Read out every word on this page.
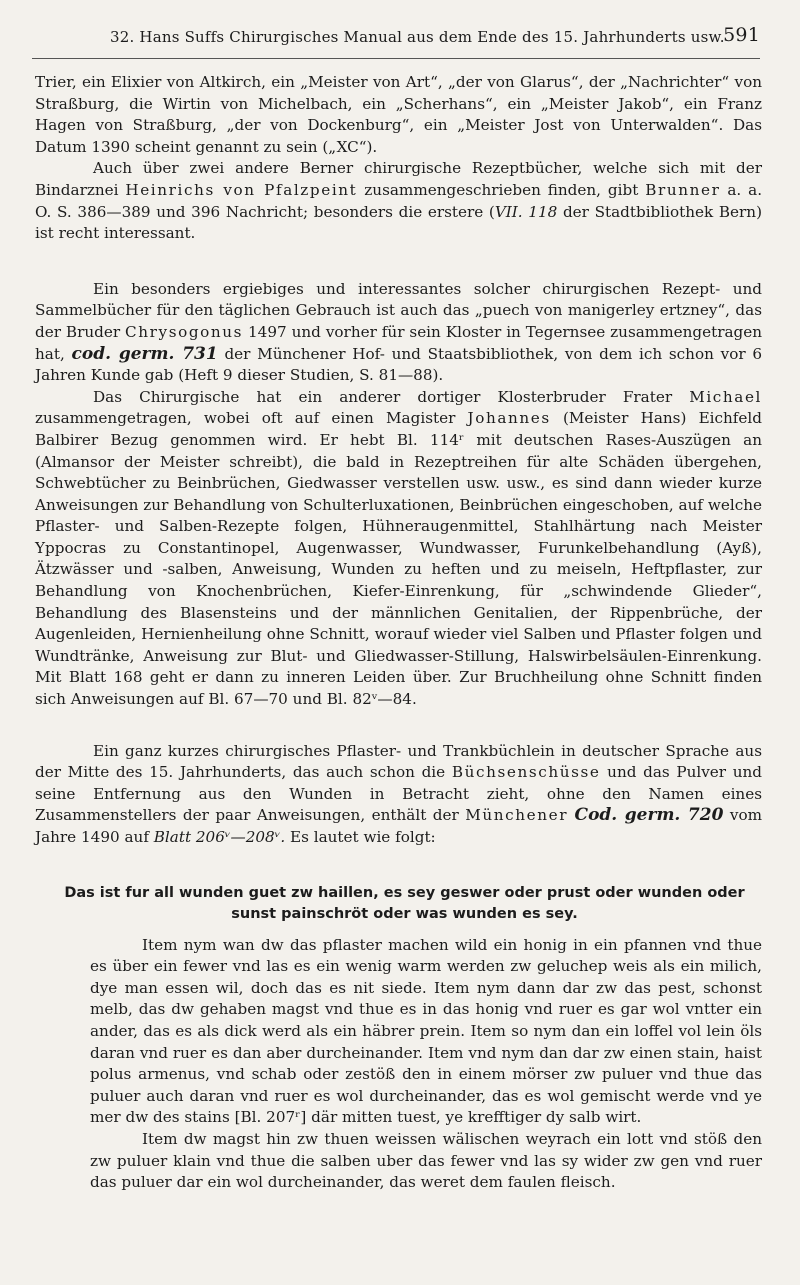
32. Hans Suffs Chirurgisches Manual aus dem Ende des 15. Jahrhunderts usw.
591

Trier, ein Elixier von Altkirch, ein „Meister von Art“, „der von Glarus“, der „Nachrichter“ von Straßburg, die Wirtin von Michelbach, ein „Scherhans“, ein „Meister Jakob“, ein Franz Hagen von Straßburg, „der von Dockenburg“, ein „Meister Jost von Unterwalden“. Das Datum 1390 scheint genannt zu sein („XC“).

Auch über zwei andere Berner chirurgische Rezeptbücher, welche sich mit der Bindarznei Heinrichs von Pfalzpeint zusammengeschrieben finden, gibt Brunner a. a. O. S. 386—389 und 396 Nachricht; besonders die erstere (VII. 118 der Stadtbibliothek Bern) ist recht interessant.

Ein besonders ergiebiges und interessantes solcher chirurgischen Rezept- und Sammelbücher für den täglichen Gebrauch ist auch das „puech von manigerley ertzney“, das der Bruder Chrysogonus 1497 und vorher für sein Kloster in Tegernsee zusammengetragen hat, cod. germ. 731 der Münchener Hof- und Staatsbibliothek, von dem ich schon vor 6 Jahren Kunde gab (Heft 9 dieser Studien, S. 81—88).

Das Chirurgische hat ein anderer dortiger Klosterbruder Frater Michael zusammengetragen, wobei oft auf einen Magister Johannes (Meister Hans) Eichfeld Balbirer Bezug genommen wird. Er hebt Bl. 114ʳ mit deutschen Rases-Auszügen an (Almansor der Meister schreibt), die bald in Rezeptreihen für alte Schäden übergehen, Schwebtücher zu Beinbrüchen, Giedwasser verstellen usw. usw., es sind dann wieder kurze Anweisungen zur Behandlung von Schulterluxationen, Beinbrüchen eingeschoben, auf welche Pflaster- und Salben-Rezepte folgen, Hühneraugenmittel, Stahlhärtung nach Meister Yppocras zu Constantinopel, Augenwasser, Wundwasser, Furunkelbehandlung (Ayß), Ätzwässer und -salben, Anweisung, Wunden zu heften und zu meiseln, Heftpflaster, zur Behandlung von Knochenbrüchen, Kiefer-Einrenkung, für „schwindende Glieder“, Behandlung des Blasensteins und der männlichen Genitalien, der Rippenbrüche, der Augenleiden, Hernienheilung ohne Schnitt, worauf wieder viel Salben und Pflaster folgen und Wundtränke, Anweisung zur Blut- und Gliedwasser-Stillung, Halswirbelsäulen-Einrenkung. Mit Blatt 168 geht er dann zu inneren Leiden über. Zur Bruchheilung ohne Schnitt finden sich Anweisungen auf Bl. 67—70 und Bl. 82ᵛ—84.

Ein ganz kurzes chirurgisches Pflaster- und Trankbüchlein in deutscher Sprache aus der Mitte des 15. Jahrhunderts, das auch schon die Büchsenschüsse und das Pulver und seine Entfernung aus den Wunden in Betracht zieht, ohne den Namen eines Zusammenstellers der paar Anweisungen, enthält der Münchener Cod. germ. 720 vom Jahre 1490 auf Blatt 206ᵛ—208ᵛ. Es lautet wie folgt:

Das ist fur all wunden guet zw haillen, es sey geswer oder prust oder wunden oder sunst painschröt oder was wunden es sey.

Item nym wan dw das pflaster machen wild ein honig in ein pfannen vnd thue es über ein fewer vnd las es ein wenig warm werden zw geluchер weis als ein milich, dye man essen wil, doch das es nit siede. Item nym dann dar zw das pest, schonst melb, das dw gehaben magst vnd thue es in das honig vnd ruer es gar wol vntter ein ander, das es als dick werd als ein häbrer prein. Item so nym dan ein loffel vol lein öls daran vnd ruer es dan aber durcheinander. Item vnd nym dan dar zw einen stain, haist polus armenus, vnd schab oder zestöß den in einem mörser zw puluer vnd thue das puluer auch daran vnd ruer es wol durcheinander, das es wol gemischt werde vnd ye mer dw des stains [Bl. 207ʳ] där mitten tuest, ye krefftiger dy salb wirt.

Item dw magst hin zw thuen weissen wälischen weyrach ein lott vnd stöß den zw puluer klain vnd thue die salben uber das fewer vnd las sy wider zw gen vnd ruer das puluer dar ein wol durcheinander, das weret dem faulen fleisch.
